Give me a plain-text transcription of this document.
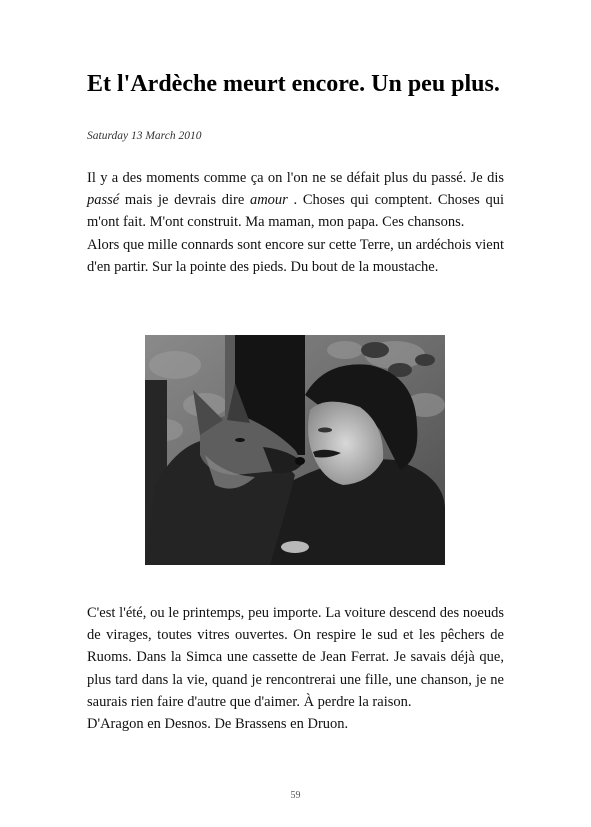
Et l'Ardèche meurt encore. Un peu plus.
Saturday 13 March 2010

Il y a des moments comme ça on l'on ne se défait plus du passé. Je dis passé mais je devrais dire amour . Choses qui comptent. Choses qui m'ont fait. M'ont construit. Ma maman, mon papa. Ces chansons.

Alors que mille connards sont encore sur cette Terre, un ardéchois vient d'en partir. Sur la pointe des pieds. Du bout de la moustache.

C'est l'été, ou le printemps, peu importe. La voiture descend des noeuds de virages, toutes vitres ouvertes. On respire le sud et les pêchers de Ruoms. Dans la Simca une cassette de Jean Ferrat. Je savais déjà que, plus tard dans la vie, quand je rencontrerai une fille, une chanson, je ne saurais rien faire d'autre que d'aimer. À perdre la raison.

D'Aragon en Desnos. De Brassens en Druon.

59
